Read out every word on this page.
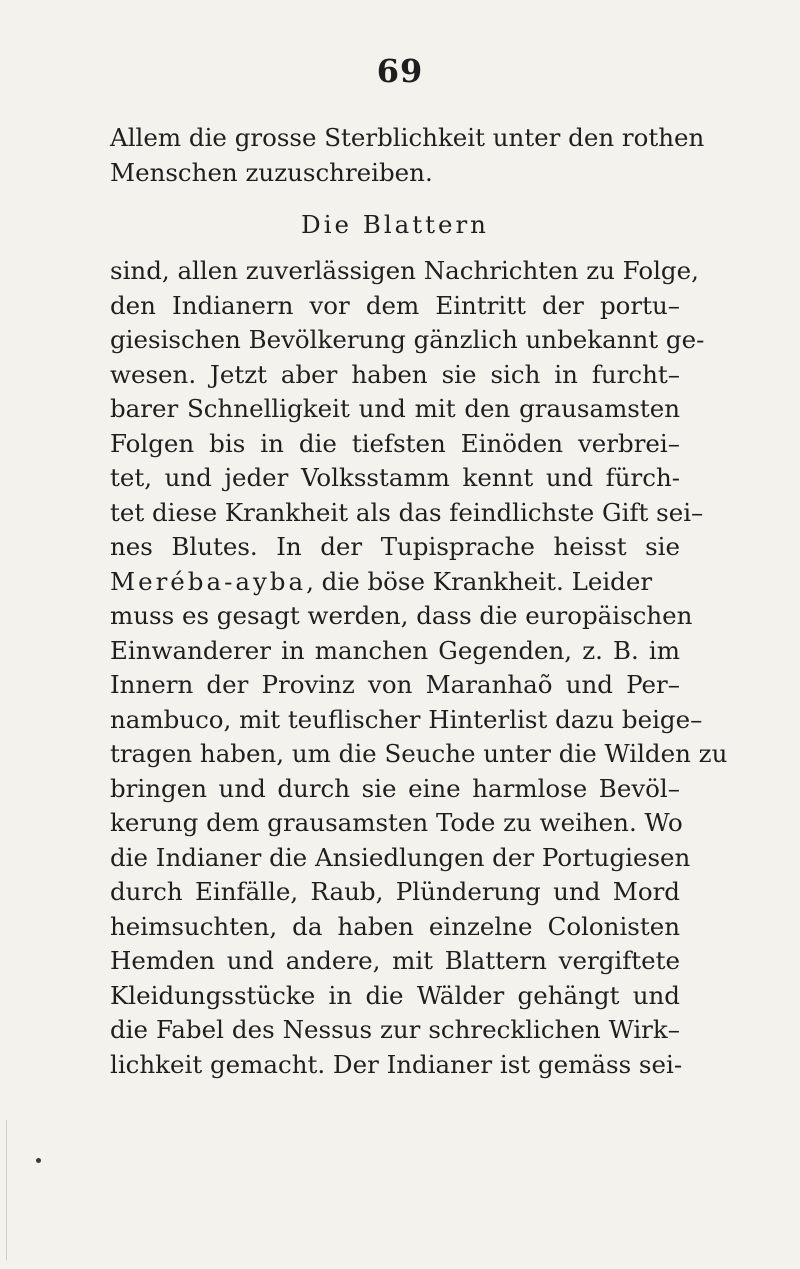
69
Allem die grosse Sterblichkeit unter den rothen
Menschen zuzuschreiben.
Die Blattern
sind, allen zuverlässigen Nachrichten zu Folge,
den Indianern vor dem Eintritt der portu–
giesischen Bevölkerung gänzlich unbekannt ge-
wesen. Jetzt aber haben sie sich in furcht–
barer Schnelligkeit und mit den grausamsten
Folgen bis in die tiefsten Einöden verbrei–
tet, und jeder Volksstamm kennt und fürch-
tet diese Krankheit als das feindlichste Gift sei–
nes Blutes. In der Tupisprache heisst sie
Meréba-ayba, die böse Krankheit. Leider
muss es gesagt werden, dass die europäischen
Einwanderer in manchen Gegenden, z. B. im
Innern der Provinz von Maranhaõ und Per–
nambuco, mit teuflischer Hinterlist dazu beige–
tragen haben, um die Seuche unter die Wilden zu
bringen und durch sie eine harmlose Bevöl–
kerung dem grausamsten Tode zu weihen. Wo
die Indianer die Ansiedlungen der Portugiesen
durch Einfälle, Raub, Plünderung und Mord
heimsuchten, da haben einzelne Colonisten
Hemden und andere, mit Blattern vergiftete
Kleidungsstücke in die Wälder gehängt und
die Fabel des Nessus zur schrecklichen Wirk–
lichkeit gemacht. Der Indianer ist gemäss sei-
